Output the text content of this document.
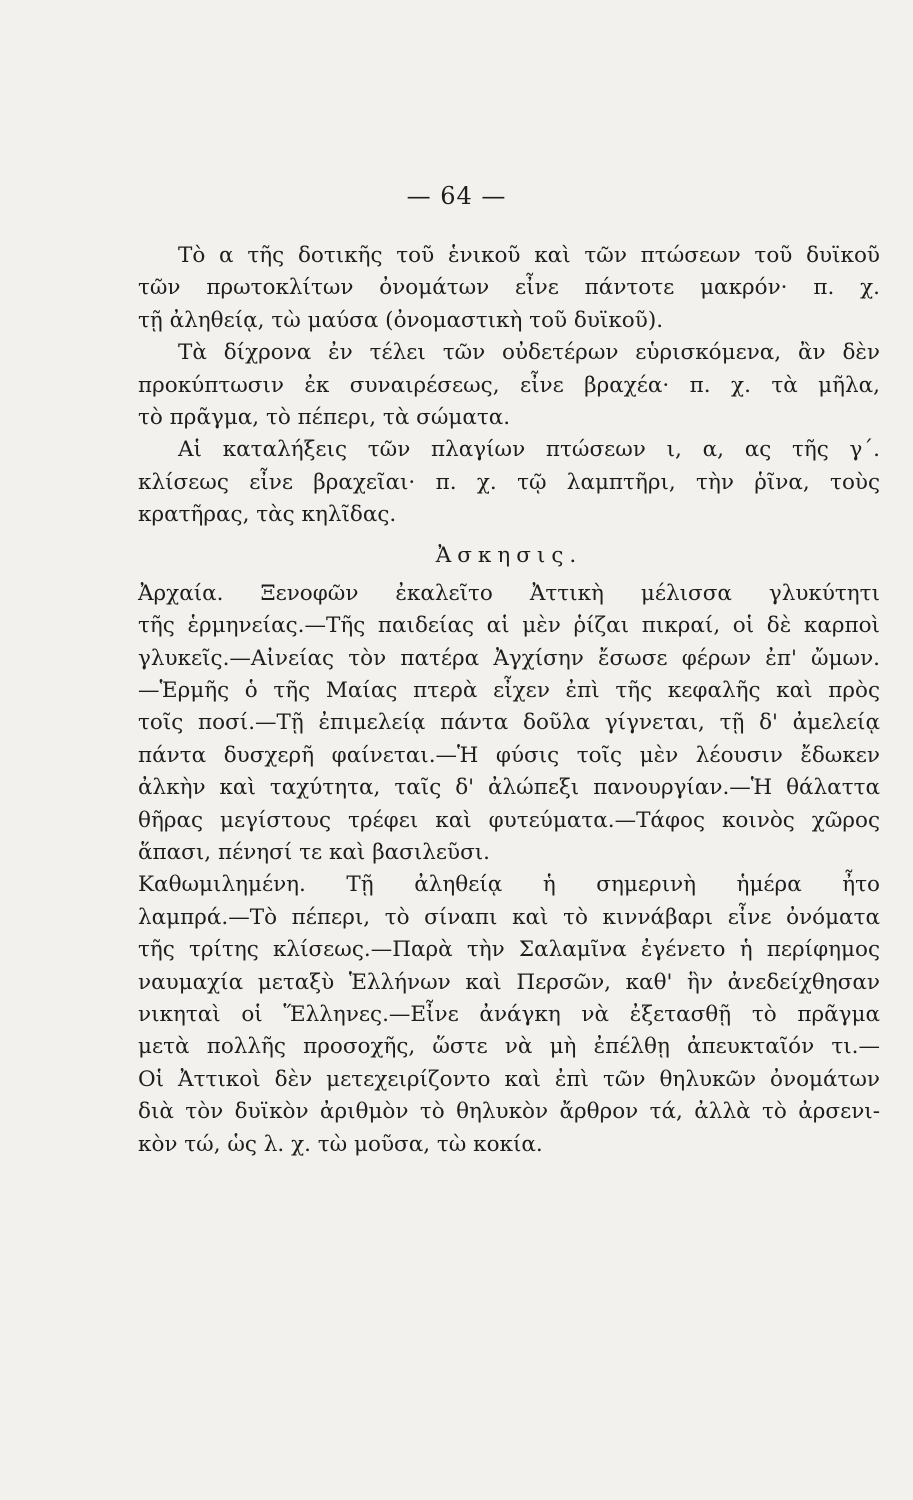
— 64 —
Τὸ α τῆς δοτικῆς τοῦ ἑνικοῦ καὶ τῶν πτώσεων τοῦ δυϊκοῦ
τῶν πρωτοκλίτων ὀνομάτων εἶνε πάντοτε μακρόν· π. χ.
τῇ ἀληθείᾳ, τὼ μαύσα (ὀνομαστικὴ τοῦ δυϊκοῦ).
Τὰ δίχρονα ἐν τέλει τῶν οὐδετέρων εὑρισκόμενα, ἂν δὲν
προκύπτωσιν ἐκ συναιρέσεως, εἶνε βραχέα· π. χ. τὰ μῆλα,
τὸ πρᾶγμα, τὸ πέπερι, τὰ σώματα.
Αἱ καταλήξεις τῶν πλαγίων πτώσεων ι, α, ας τῆς γ΄.
κλίσεως εἶνε βραχεῖαι· π. χ. τῷ λαμπτῆρι, τὴν ῥῖνα, τοὺς
κρατῆρας, τὰς κηλῖδας.
Ἀσκησις.
Ἀρχαία. Ξενοφῶν ἐκαλεῖτο Ἀττικὴ μέλισσα γλυκύτητι
τῆς ἑρμηνείας.—Τῆς παιδείας αἱ μὲν ῥίζαι πικραί, οἱ δὲ καρποὶ
γλυκεῖς.—Αἰνείας τὸν πατέρα Ἀγχίσην ἔσωσε φέρων ἐπ' ὤμων.
—Ἑρμῆς ὁ τῆς Μαίας πτερὰ εἶχεν ἐπὶ τῆς κεφαλῆς καὶ πρὸς
τοῖς ποσί.—Τῇ ἐπιμελείᾳ πάντα δοῦλα γίγνεται, τῇ δ' ἀμελείᾳ
πάντα δυσχερῆ φαίνεται.—Ἡ φύσις τοῖς μὲν λέουσιν ἔδωκεν
ἀλκὴν καὶ ταχύτητα, ταῖς δ' ἀλώπεξι πανουργίαν.—Ἡ θάλαττα
θῆρας μεγίστους τρέφει καὶ φυτεύματα.—Τάφος κοινὸς χῶρος
ἅπασι, πένησί τε καὶ βασιλεῦσι.
Καθωμιλημένη. Τῇ ἀληθείᾳ ἡ σημερινὴ ἡμέρα ἦτο
λαμπρά.—Τὸ πέπερι, τὸ σίναπι καὶ τὸ κιννάβαρι εἶνε ὀνόματα
τῆς τρίτης κλίσεως.—Παρὰ τὴν Σαλαμῖνα ἐγένετο ἡ περίφημος
ναυμαχία μεταξὺ Ἑλλήνων καὶ Περσῶν, καθ' ἣν ἀνεδείχθησαν
νικηταὶ οἱ Ἕλληνες.—Εἶνε ἀνάγκη νὰ ἐξετασθῇ τὸ πρᾶγμα
μετὰ πολλῆς προσοχῆς, ὥστε νὰ μὴ ἐπέλθῃ ἀπευκταῖόν τι.—
Οἱ Ἀττικοὶ δὲν μετεχειρίζοντο καὶ ἐπὶ τῶν θηλυκῶν ὀνομάτων
διὰ τὸν δυϊκὸν ἀριθμὸν τὸ θηλυκὸν ἄρθρον τά, ἀλλὰ τὸ ἀρσενι-
κὸν τώ, ὡς λ. χ. τὼ μοῦσα, τὼ κοκία.
